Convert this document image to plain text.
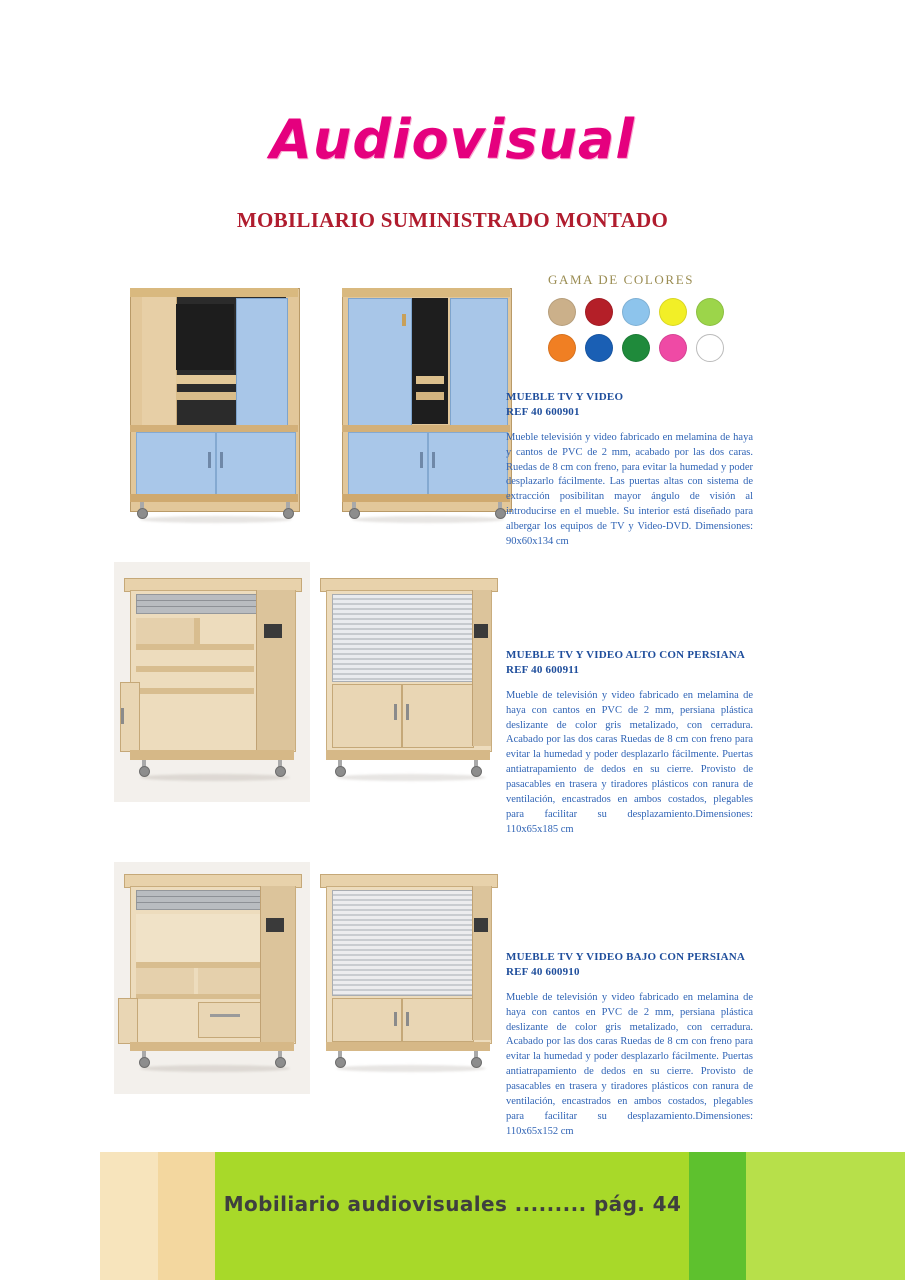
Audiovisual
MOBILIARIO SUMINISTRADO MONTADO
GAMA DE COLORES
MUEBLE TV Y VIDEO
REF 40 600901
Mueble televisión y video fabricado en melamina de haya y cantos de PVC de 2 mm, acabado por las dos caras. Ruedas de 8 cm con freno, para evitar la humedad y poder desplazarlo fácilmente. Las puertas altas con sistema de extracción posibilitan mayor ángulo de visión al introducirse en el mueble. Su interior está diseñado para albergar los equipos de TV y Video-DVD. Dimensiones: 90x60x134 cm
MUEBLE TV Y VIDEO ALTO CON PERSIANA
REF 40 600911
Mueble de televisión y video fabricado en melamina de haya con cantos en PVC de 2 mm, persiana plástica deslizante de color gris metalizado, con cerradura. Acabado por las dos caras Ruedas de 8 cm con freno para evitar la humedad y poder desplazarlo fácilmente. Puertas antiatrapamiento de dedos en su cierre. Provisto de pasacables en trasera y tiradores plásticos con ranura de ventilación, encastrados en ambos costados, plegables para facilitar su desplazamiento.Dimensiones: 110x65x185 cm
MUEBLE TV Y VIDEO BAJO CON PERSIANA
REF 40 600910
Mueble de televisión y video fabricado en melamina de haya con cantos en PVC de 2 mm, persiana plástica deslizante de color gris metalizado, con cerradura. Acabado por las dos caras Ruedas de 8 cm con freno para evitar la humedad y poder desplazarlo fácilmente. Puertas antiatrapamiento de dedos en su cierre. Provisto de pasacables en trasera y tiradores plásticos con ranura de ventilación, encastrados en ambos costados, plegables para facilitar su desplazamiento.Dimensiones: 110x65x152 cm
Mobiliario audiovisuales ......... pág. 44
